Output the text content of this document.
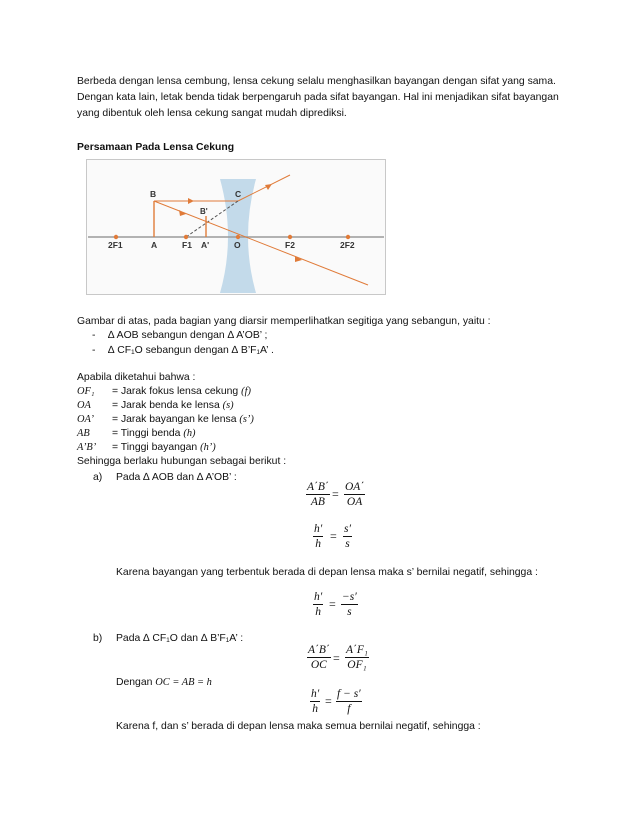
Berbeda dengan lensa cembung, lensa cekung selalu menghasilkan bayangan dengan sifat yang sama.
Dengan kata lain, letak benda tidak berpengaruh pada sifat bayangan. Hal ini menjadikan sifat bayangan
yang dibentuk oleh lensa cekung sangat mudah diprediksi.
Persamaan Pada Lensa Cekung
B	C
B'
A	F1 A'	O	F2
2F1	2F2
Gambar di atas, pada bagian yang diarsir memperlihatkan segitiga yang sebangun, yaitu :
- ∆ AOB sebangun dengan ∆ A’OB’ ;
- ∆ CF₁O sebangun dengan ∆ B’F₁A’ .
Apabila diketahui bahwa :
OF₁ = Jarak fokus lensa cekung (f)
OA = Jarak benda ke lensa (s)
OA’ = Jarak bayangan ke lensa (s’)
AB = Tinggi benda (h)
A’B’ = Tinggi bayangan (h’)
Sehingga berlaku hubungan sebagai berikut :
a) Pada ∆ AOB dan ∆ A’OB’ :
$\frac{A΄B΄}{AB} = \frac{OA΄}{OA}$
$\frac{h'}{h} = \frac{s'}{s}$
Karena bayangan yang terbentuk berada di depan lensa maka s’ bernilai negatif, sehingga :
$\frac{h'}{h} = \frac{-s'}{s}$
b) Pada ∆ CF₁O dan ∆ B’F₁A’ :
$\frac{A΄B΄}{OC} = \frac{\text{A΄F₁}}{\text{OF₁}}$
Dengan OC = AB = h
$\frac{h'}{h} = \frac{f - s'}{f}$
Karena f, dan s’ berada di depan lensa maka semua bernilai negatif, sehingga :
